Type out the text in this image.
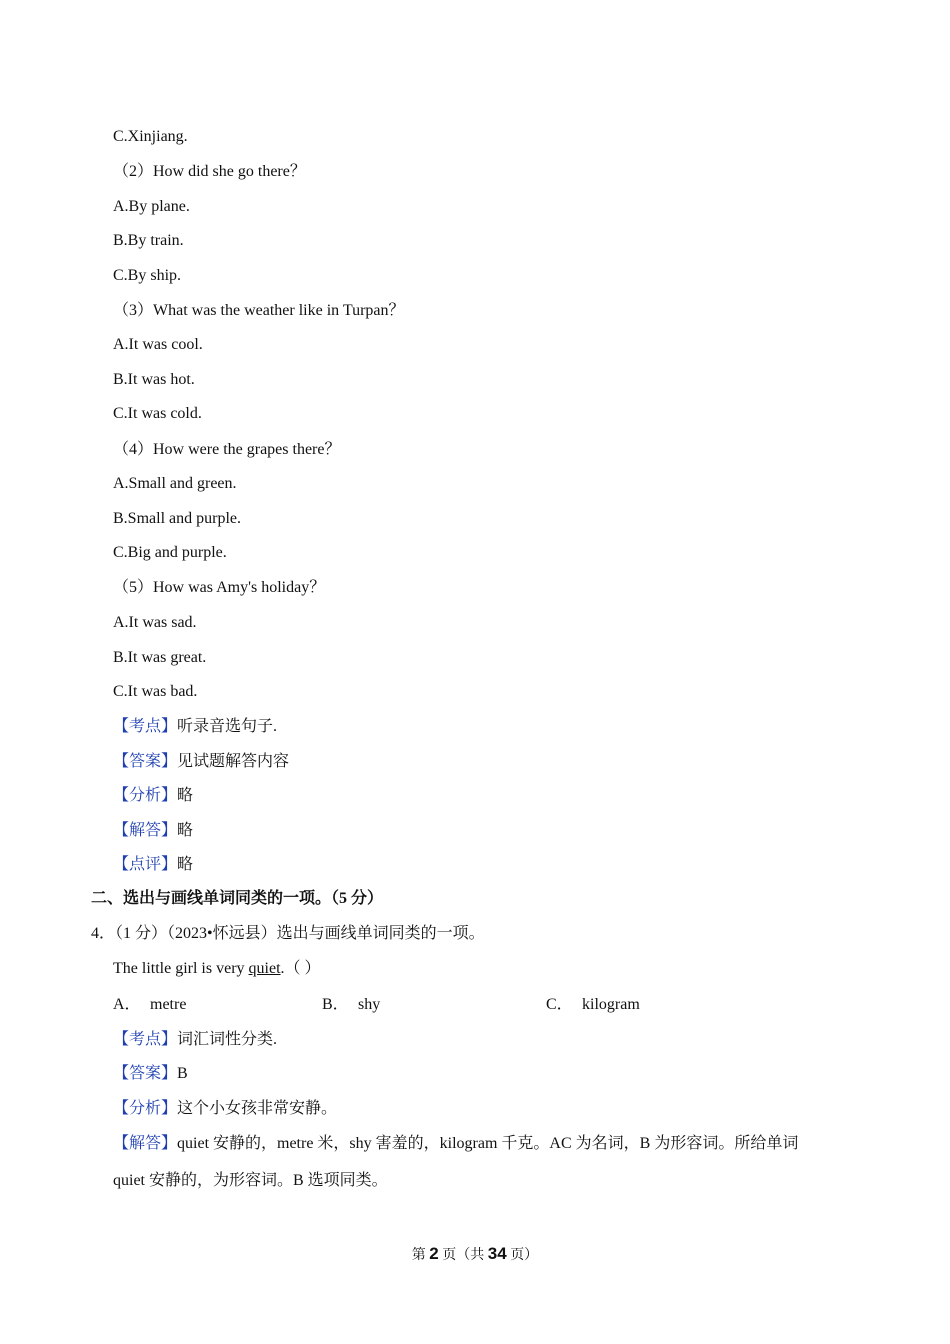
C.Xinjiang.
（2）How did she go there？
A.By plane.
B.By train.
C.By ship.
（3）What was the weather like in Turpan？
A.It was cool.
B.It was hot.
C.It was cold.
（4）How were the grapes there？
A.Small and green.
B.Small and purple.
C.Big and purple.
（5）How was Amy's holiday？
A.It was sad.
B.It was great.
C.It was bad.
【考点】听录音选句子.
【答案】见试题解答内容
【分析】略
【解答】略
【点评】略
二、选出与画线单词同类的一项。（5 分）
4．（1 分）（2023•怀远县）选出与画线单词同类的一项。
The little girl is very quiet.（ ）
A． metre	B． shy	C． kilogram
【考点】词汇词性分类.
【答案】B
【分析】这个小女孩非常安静。
【解答】quiet 安静的，metre 米，shy 害羞的，kilogram 千克。AC 为名词，B 为形容词。所给单词
quiet 安静的，为形容词。B 选项同类。
第 2 页（共 34 页）
